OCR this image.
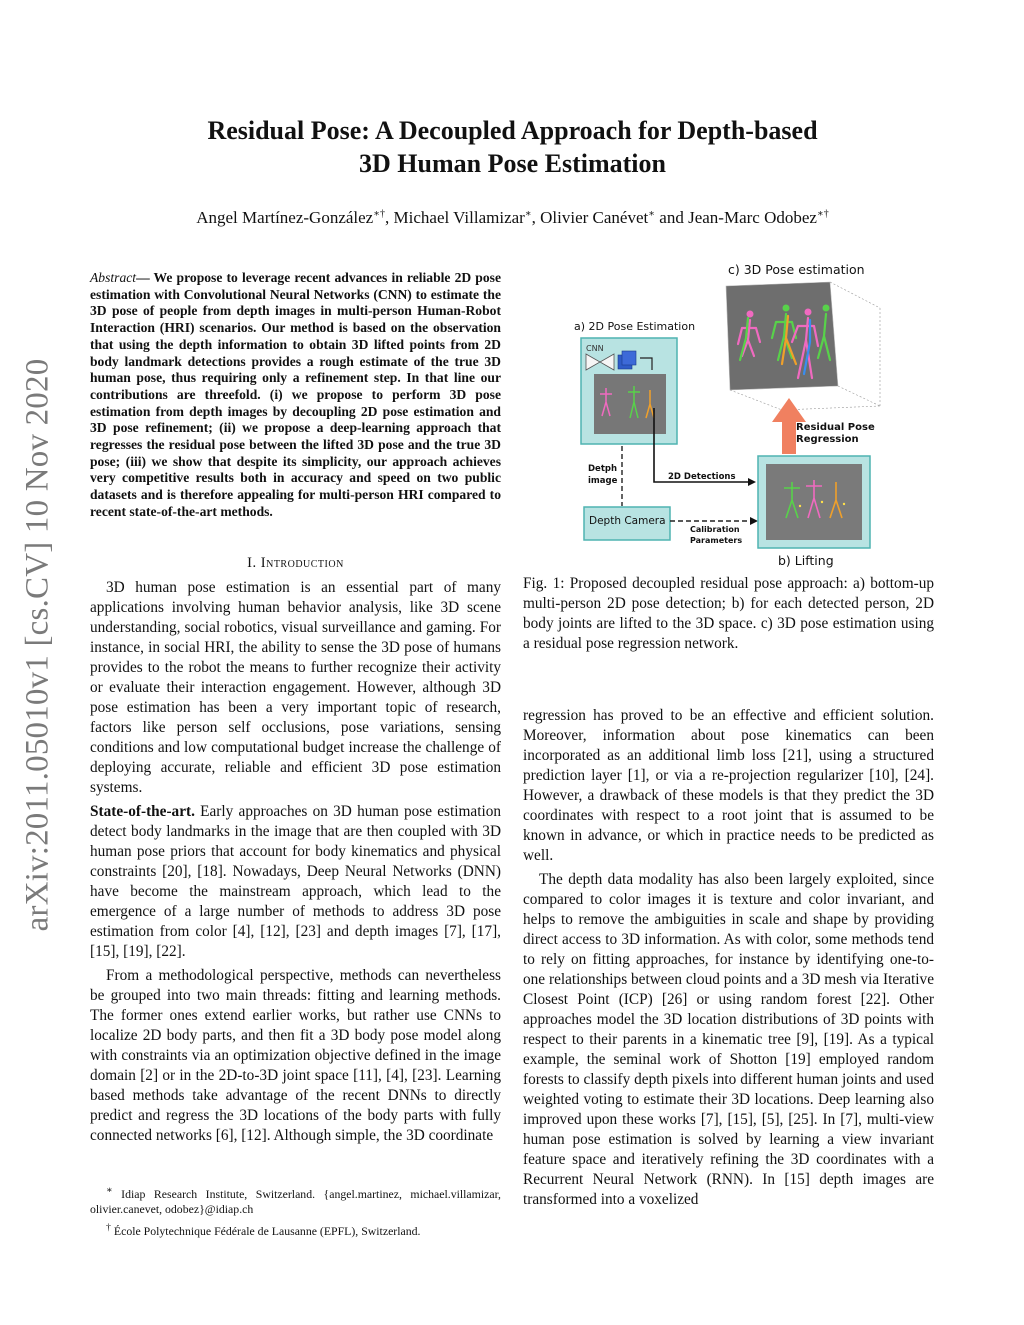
arXiv:2011.05010v1 [cs.CV] 10 Nov 2020
Residual Pose: A Decoupled Approach for Depth-based
3D Human Pose Estimation
Angel Martínez-González∗†, Michael Villamizar∗, Olivier Canévet∗ and Jean-Marc Odobez∗†

Abstract— We propose to leverage recent advances in reliable 2D pose estimation with Convolutional Neural Networks (CNN) to estimate the 3D pose of people from depth images in multi-person Human-Robot Interaction (HRI) scenarios. Our method is based on the observation that using the depth information to obtain 3D lifted points from 2D body landmark detections provides a rough estimate of the true 3D human pose, thus requiring only a refinement step. In that line our contributions are threefold. (i) we propose to perform 3D pose estimation from depth images by decoupling 2D pose estimation and 3D pose refinement; (ii) we propose a deep-learning approach that regresses the residual pose between the lifted 3D pose and the true 3D pose; (iii) we show that despite its simplicity, our approach achieves very competitive results both in accuracy and speed on two public datasets and is therefore appealing for multi-person HRI compared to recent state-of-the-art methods.

I. Introduction

3D human pose estimation is an essential part of many applications involving human behavior analysis, like 3D scene understanding, social robotics, visual surveillance and gaming. For instance, in social HRI, the ability to sense the 3D pose of humans provides to the robot the means to further recognize their activity or evaluate their interaction engagement. However, although 3D pose estimation has been a very important topic of research, factors like person self occlusions, pose variations, sensing conditions and low computational budget increase the challenge of deploying accurate, reliable and efficient 3D pose estimation systems.

State-of-the-art. Early approaches on 3D human pose estimation detect body landmarks in the image that are then coupled with 3D human pose priors that account for body kinematics and physical constraints [20], [18]. Nowadays, Deep Neural Networks (DNN) have become the mainstream approach, which lead to the emergence of a large number of methods to address 3D pose estimation from color [4], [12], [23] and depth images [7], [17], [15], [19], [22].

From a methodological perspective, methods can nevertheless be grouped into two main threads: fitting and learning methods. The former ones extend earlier works, but rather use CNNs to localize 2D body parts, and then fit a 3D body pose model along with constraints via an optimization objective defined in the image domain [2] or in the 2D-to-3D joint space [11], [4], [23]. Learning based methods take advantage of the recent DNNs to directly predict and regress the 3D locations of the body parts with fully connected networks [6], [12]. Although simple, the 3D coordinate

∗ Idiap Research Institute, Switzerland. {angel.martinez, michael.villamizar, olivier.canevet, odobez}@idiap.ch

† École Polytechnique Fédérale de Lausanne (EPFL), Switzerland.

c) 3D Pose estimation
Residual Pose
Regression
a) 2D Pose Estimation
CNN
Detph
image
Depth Camera
2D Detections
Calibration
Parameters
b) Lifting
Fig. 1: Proposed decoupled residual pose approach: a) bottom-up multi-person 2D pose detection; b) for each detected person, 2D body joints are lifted to the 3D space. c) 3D pose estimation using a residual pose regression network.

regression has proved to be an effective and efficient solution. Moreover, information about pose kinematics can been incorporated as an additional limb loss [21], using a structured prediction layer [1], or via a re-projection regularizer [10], [24]. However, a drawback of these models is that they predict the 3D coordinates with respect to a root joint that is assumed to be known in advance, or which in practice needs to be predicted as well.

The depth data modality has also been largely exploited, since compared to color images it is texture and color invariant, and helps to remove the ambiguities in scale and shape by providing direct access to 3D information. As with color, some methods tend to rely on fitting approaches, for instance by identifying one-to-one relationships between cloud points and a 3D mesh via Iterative Closest Point (ICP) [26] or using random forest [22]. Other approaches model the 3D location distributions of 3D points with respect to their parents in a kinematic tree [9], [19]. As a typical example, the seminal work of Shotton [19] employed random forests to classify depth pixels into different human joints and used weighted voting to estimate their 3D locations. Deep learning also improved upon these works [7], [15], [5], [25]. In [7], multi-view human pose estimation is solved by learning a view invariant feature space and iteratively refining the 3D coordinates with a Recurrent Neural Network (RNN). In [15] depth images are transformed into a voxelized
